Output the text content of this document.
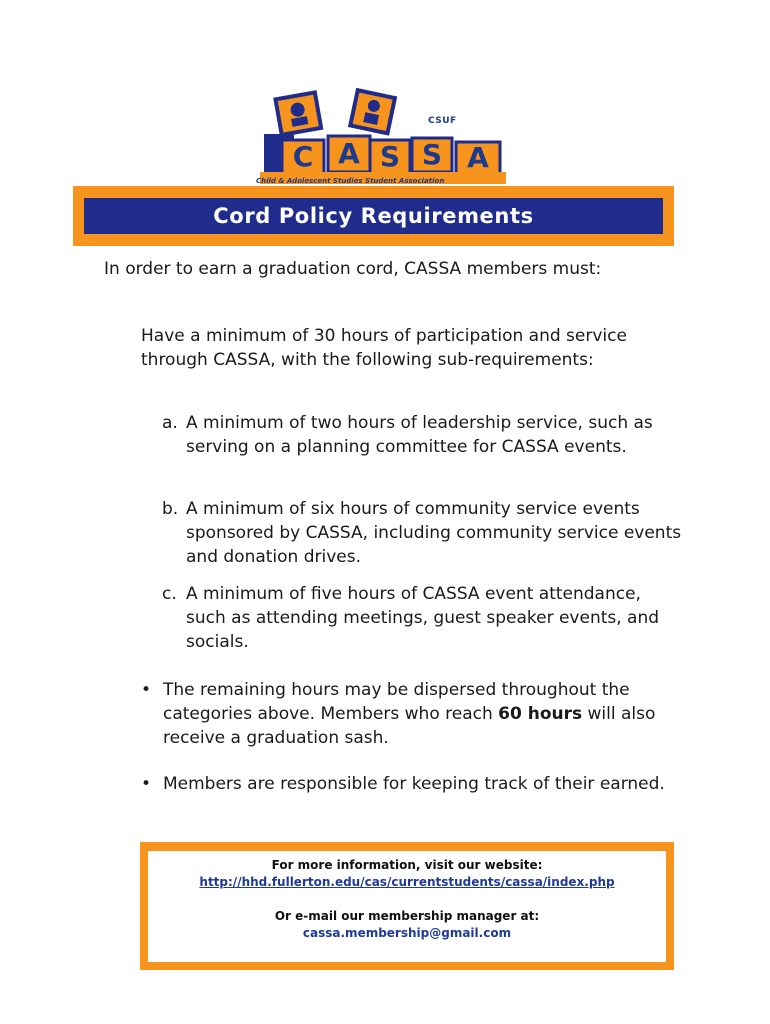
C A S S A
CSUF
Child & Adolescent Studies Student Association
Cord Policy Requirements
In order to earn a graduation cord, CASSA members must:
Have a minimum of 30 hours of participation and service through CASSA, with the following sub-requirements:
a. A minimum of two hours of leadership service, such as serving on a planning committee for CASSA events.
b. A minimum of six hours of community service events sponsored by CASSA, including community service events and donation drives.
c. A minimum of five hours of CASSA event attendance, such as attending meetings, guest speaker events, and socials.
• The remaining hours may be dispersed throughout the categories above. Members who reach 60 hours will also receive a graduation sash.
• Members are responsible for keeping track of their earned.
For more information, visit our website:
http://hhd.fullerton.edu/cas/currentstudents/cassa/index.php
Or e-mail our membership manager at:
cassa.membership@gmail.com
